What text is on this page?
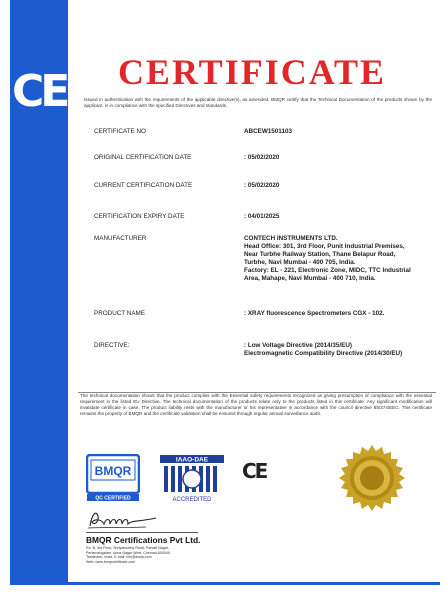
CE	CERTIFICATE
Issued in authentication with the requirements of the applicable directive(s), as amended. BMQR certify that the Technical Documentation of the products shown by the applicant, is in compliance with the specified Directives and standards.
CERTIFICATE NO	ABCEW1501103
ORIGINAL CERTIFICATION DATE	: 05/02/2020
CURRENT CERTIFICATION DATE	: 05/02/2020
CERTIFICATION EXPIRY DATE	: 04/01/2025
MANUFACTURER	CONTECH INSTRUMENTS LTD.
Head Office: 301, 3rd Floor, Punit Industrial Premises,
Near Turbhe Railway Station, Thane Belapur Road,
Turbhe, Navi Mumbai - 400 705, India.
Factory: EL - 221, Electronic Zone, MIDC, TTC Industrial
Area, Mahape, Navi Mumbai - 400 710, India.
PRODUCT NAME	: XRAY fluorescence Spectrometers CGX - 102.
DIRECTIVE:	: Low Voltage Directive (2014/35/EU)
Electromagnetic Compatibility Directive (2014/30/EU)
The technical documentation shows that the product complies with the Essential safety requirements recognized as giving presumption of compliance with the essential requirement in the listed EU Directive. The technical documentation of the products relate only to the products listed in this certificate. Any significant modification will invalidate certificate in case. The product liability rests with the manufacturer or his representative in accordance with the council directive 85/374/EEC. This certificate remains the property of BMQR and the certificate validation shall be ensured through regular annual surveillance audit.
BMQR
QC CERTIFIED
IAAO-DAE
ACCREDITED
CE
BMQR Certifications Pvt Ltd.
Rd. B, 3rd Floor, Shriyamurthy Road, Parvati Nagar,
Periamangalam, Anna Nagar West, Chennai-600040
Tamilnadu, India. E-mail: info@bmqr.com
Web: www.bmqrcertificate.com
